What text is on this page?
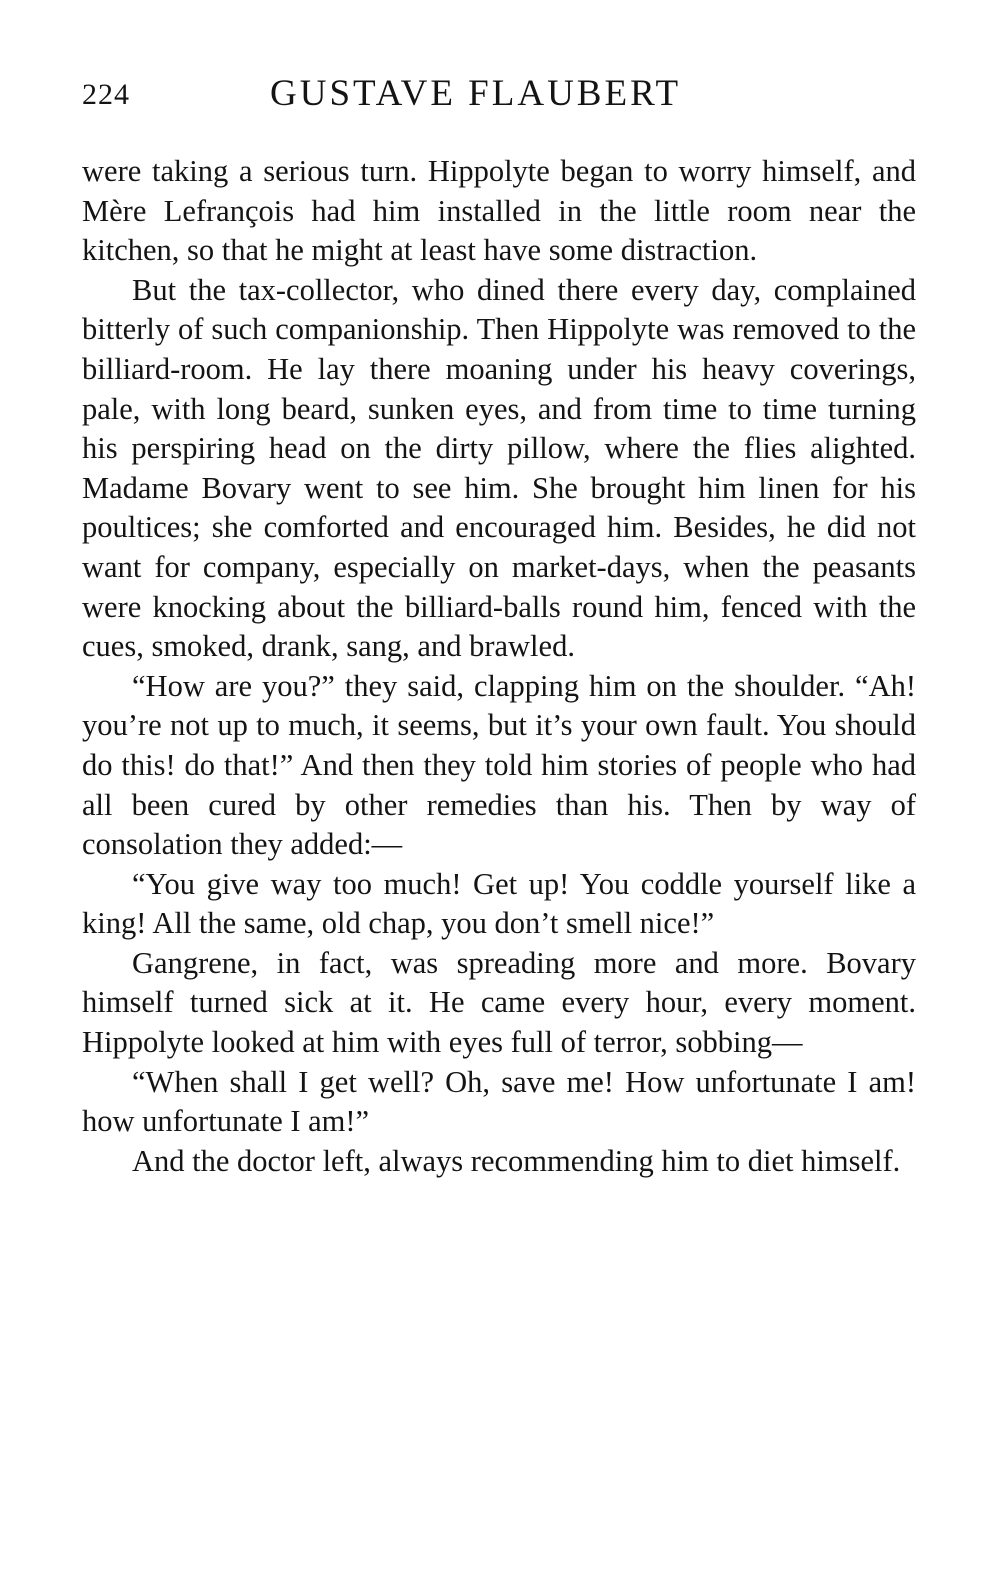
224	GUSTAVE FLAUBERT

were taking a serious turn. Hippolyte began to worry himself, and Mère Lefrançois had him installed in the little room near the kitchen, so that he might at least have some distraction.

But the tax-collector, who dined there every day, complained bitterly of such companionship. Then Hippolyte was removed to the billiard-room. He lay there moaning under his heavy coverings, pale, with long beard, sunken eyes, and from time to time turning his perspiring head on the dirty pillow, where the flies alighted. Madame Bovary went to see him. She brought him linen for his poultices; she comforted and encouraged him. Besides, he did not want for company, especially on market-days, when the peasants were knocking about the billiard-balls round him, fenced with the cues, smoked, drank, sang, and brawled.

“How are you?” they said, clapping him on the shoulder. “Ah! you’re not up to much, it seems, but it’s your own fault. You should do this! do that!” And then they told him stories of people who had all been cured by other remedies than his. Then by way of consolation they added:—

“You give way too much! Get up! You coddle yourself like a king! All the same, old chap, you don’t smell nice!”

Gangrene, in fact, was spreading more and more. Bovary himself turned sick at it. He came every hour, every moment. Hippolyte looked at him with eyes full of terror, sobbing—

“When shall I get well? Oh, save me! How unfortunate I am! how unfortunate I am!”

And the doctor left, always recommending him to diet himself.
